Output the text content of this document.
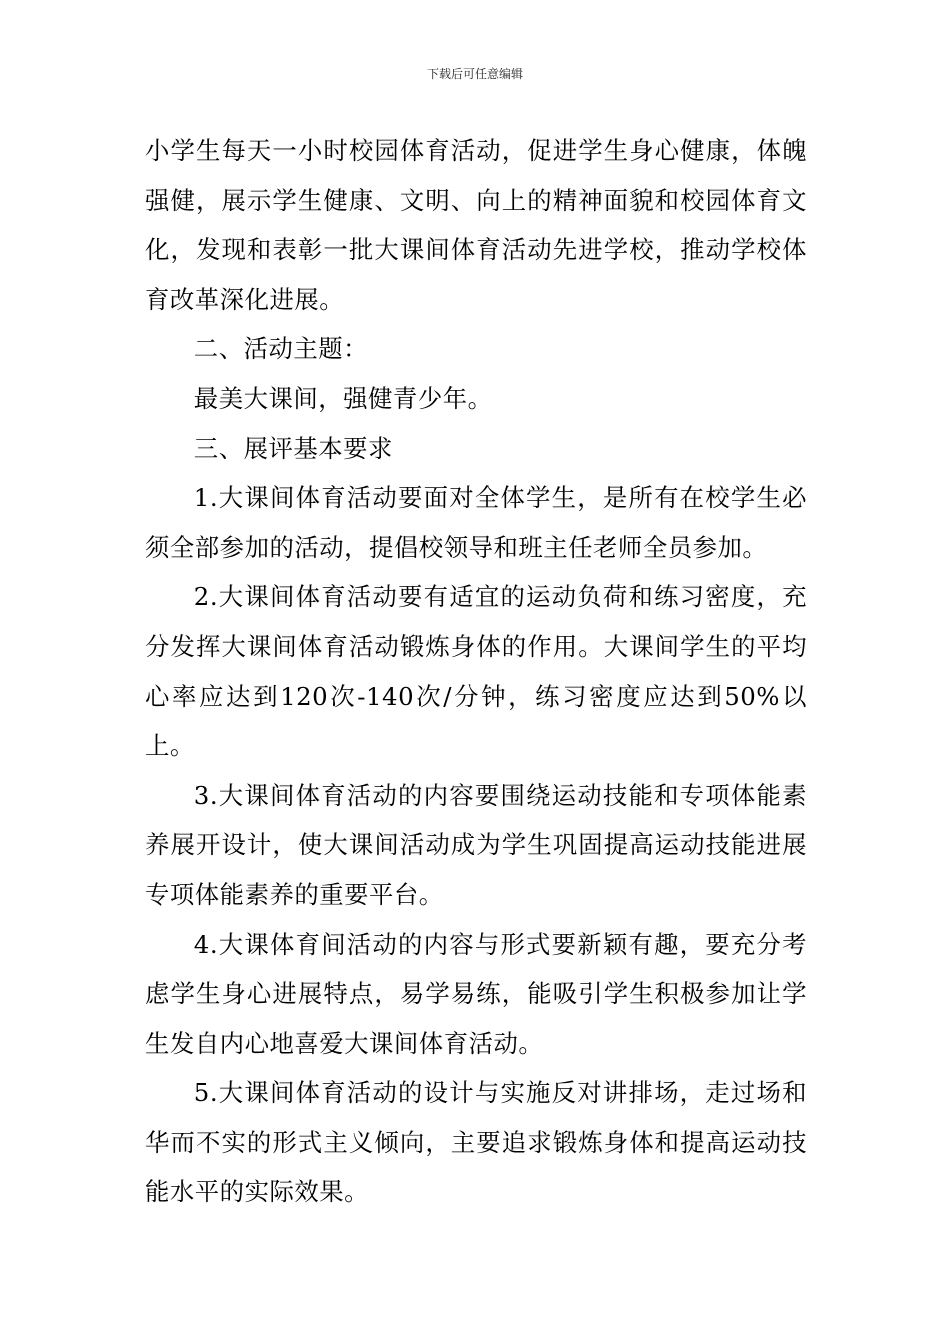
下载后可任意编辑

小学生每天一小时校园体育活动，促进学生身心健康，体魄强健，展示学生健康、文明、向上的精神面貌和校园体育文化，发现和表彰一批大课间体育活动先进学校，推动学校体育改革深化进展。

二、活动主题：

最美大课间，强健青少年。

三、展评基本要求

1.大课间体育活动要面对全体学生，是所有在校学生必须全部参加的活动，提倡校领导和班主任老师全员参加。

2.大课间体育活动要有适宜的运动负荷和练习密度，充分发挥大课间体育活动锻炼身体的作用。大课间学生的平均心率应达到120次-140次/分钟，练习密度应达到50%以上。

3.大课间体育活动的内容要围绕运动技能和专项体能素养展开设计，使大课间活动成为学生巩固提高运动技能进展专项体能素养的重要平台。

4.大课体育间活动的内容与形式要新颖有趣，要充分考虑学生身心进展特点，易学易练，能吸引学生积极参加让学生发自内心地喜爱大课间体育活动。

5.大课间体育活动的设计与实施反对讲排场，走过场和华而不实的形式主义倾向，主要追求锻炼身体和提高运动技能水平的实际效果。
